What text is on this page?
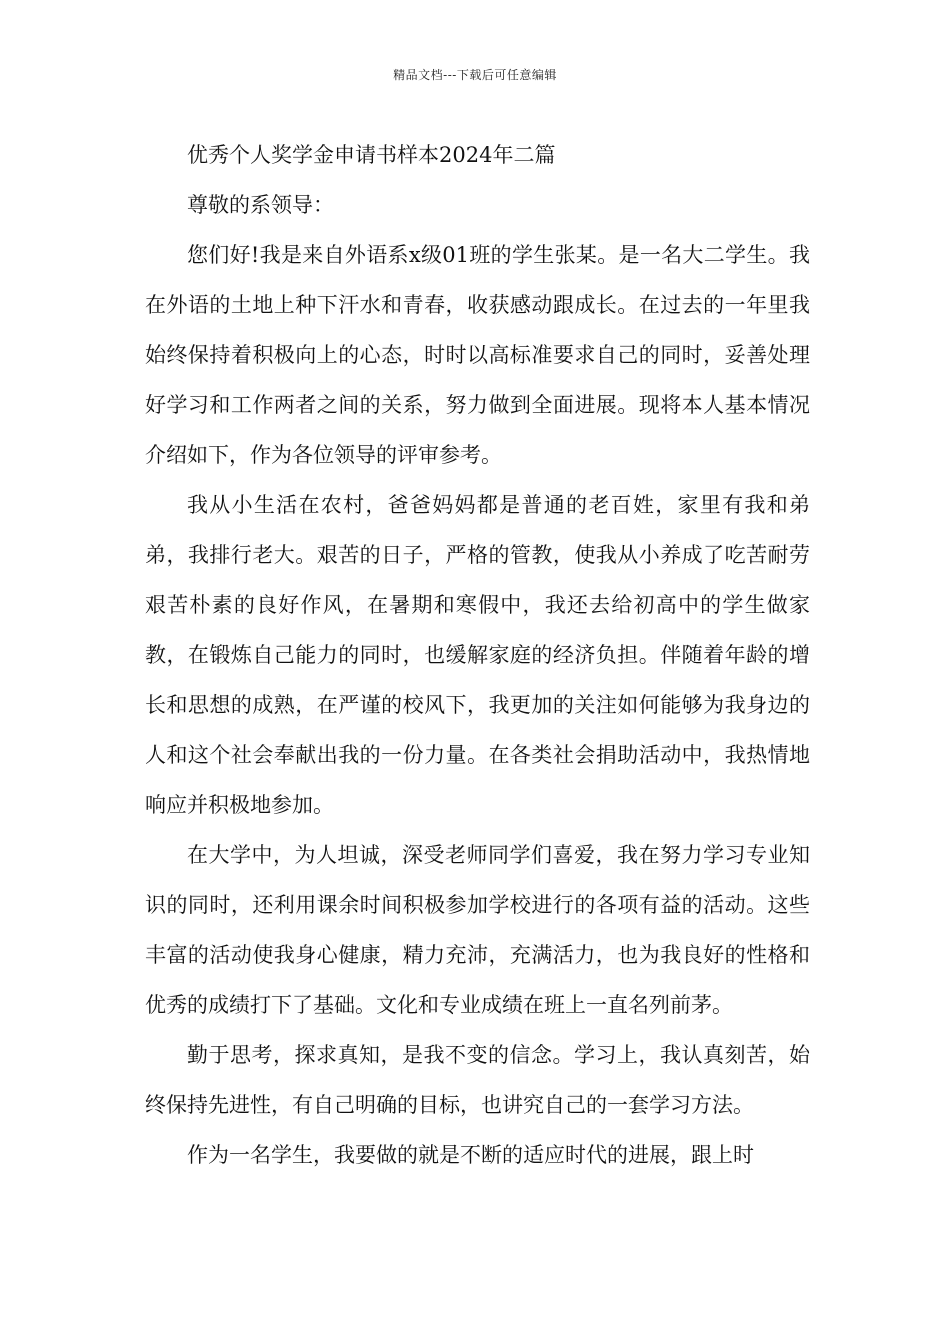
精品文档---下载后可任意编辑

优秀个人奖学金申请书样本2024年二篇

尊敬的系领导：

您们好!我是来自外语系x级01班的学生张某。是一名大二学生。我在外语的土地上种下汗水和青春，收获感动跟成长。在过去的一年里我始终保持着积极向上的心态，时时以高标准要求自己的同时，妥善处理好学习和工作两者之间的关系，努力做到全面进展。现将本人基本情况介绍如下，作为各位领导的评审参考。

我从小生活在农村，爸爸妈妈都是普通的老百姓，家里有我和弟弟，我排行老大。艰苦的日子，严格的管教，使我从小养成了吃苦耐劳艰苦朴素的良好作风，在暑期和寒假中，我还去给初高中的学生做家教，在锻炼自己能力的同时，也缓解家庭的经济负担。伴随着年龄的增长和思想的成熟，在严谨的校风下，我更加的关注如何能够为我身边的人和这个社会奉献出我的一份力量。在各类社会捐助活动中，我热情地响应并积极地参加。

在大学中，为人坦诚，深受老师同学们喜爱，我在努力学习专业知识的同时，还利用课余时间积极参加学校进行的各项有益的活动。这些丰富的活动使我身心健康，精力充沛，充满活力，也为我良好的性格和优秀的成绩打下了基础。文化和专业成绩在班上一直名列前茅。

勤于思考，探求真知，是我不变的信念。学习上，我认真刻苦，始终保持先进性，有自己明确的目标，也讲究自己的一套学习方法。

作为一名学生，我要做的就是不断的适应时代的进展，跟上时
